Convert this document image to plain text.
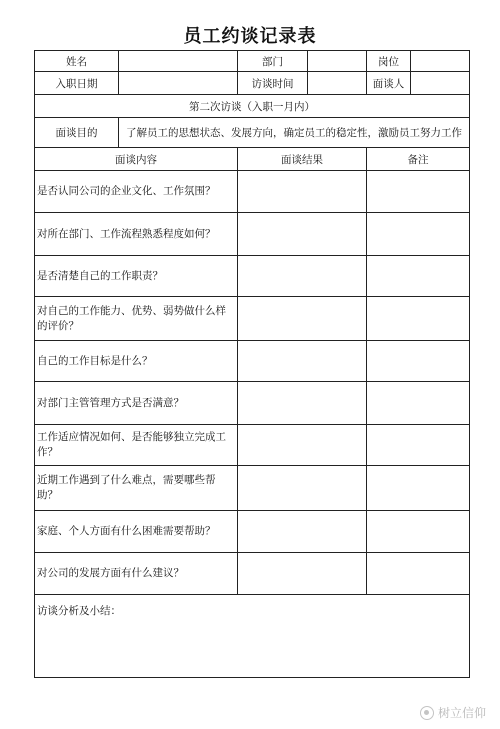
员工约谈记录表
姓名		部门		岗位	
入职日期		访谈时间		面谈人	
第二次访谈（入职一月内）					
面谈目的	了解员工的思想状态、发展方向，确定员工的稳定性，激励员工努力工作				
面谈内容		面谈结果		备注	
是否认同公司的企业文化、工作氛围？					
对所在部门、工作流程熟悉程度如何？					
是否清楚自己的工作职责？					
对自己的工作能力、优势、弱势做什么样的评价？					
自己的工作目标是什么？					
对部门主管管理方式是否满意？					
工作适应情况如何、是否能够独立完成工作？					
近期工作遇到了什么难点，需要哪些帮助？					
家庭、个人方面有什么困难需要帮助？					
对公司的发展方面有什么建议？					
访谈分析及小结：					
树立信仰
